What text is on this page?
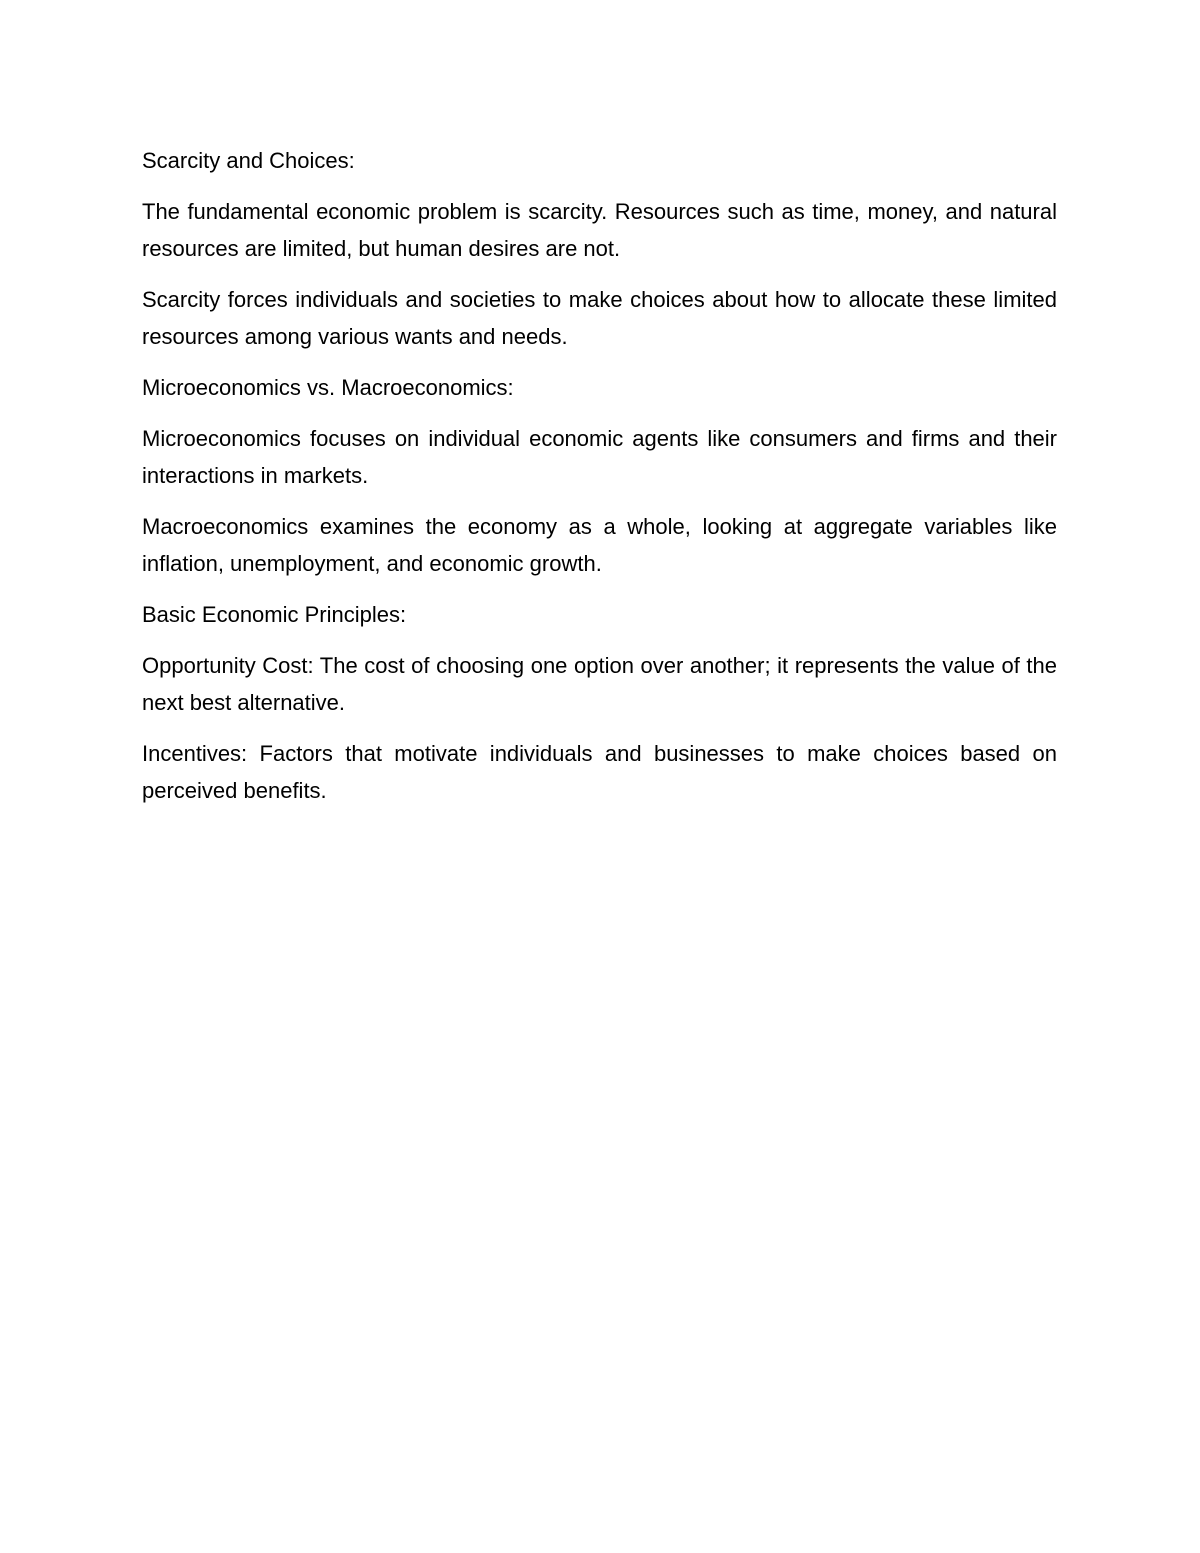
Scarcity and Choices:

The fundamental economic problem is scarcity. Resources such as time, money, and natural resources are limited, but human desires are not.

Scarcity forces individuals and societies to make choices about how to allocate these limited resources among various wants and needs.

Microeconomics vs. Macroeconomics:

Microeconomics focuses on individual economic agents like consumers and firms and their interactions in markets.

Macroeconomics examines the economy as a whole, looking at aggregate variables like inflation, unemployment, and economic growth.

Basic Economic Principles:

Opportunity Cost: The cost of choosing one option over another; it represents the value of the next best alternative.

Incentives: Factors that motivate individuals and businesses to make choices based on perceived benefits.
